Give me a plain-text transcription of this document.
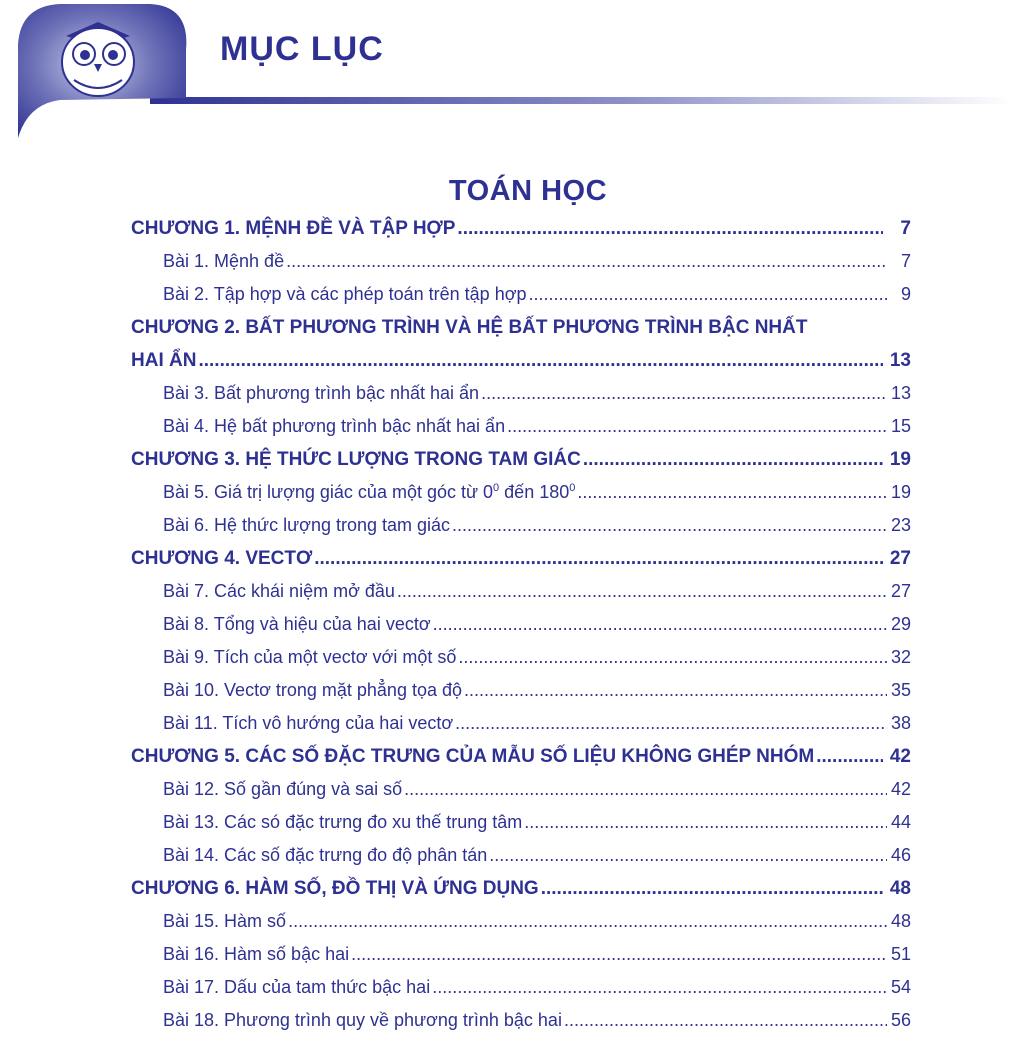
MỤC LỤC
TOÁN HỌC
CHƯƠNG 1. MỆNH ĐỀ VÀ TẬP HỢP .....	7
Bài 1. Mệnh đề .....	7
Bài 2. Tập hợp và các phép toán trên tập hợp .....	9
CHƯƠNG 2. BẤT PHƯƠNG TRÌNH VÀ HỆ BẤT PHƯƠNG TRÌNH BẬC NHẤT
HAI ẨN .....	13
Bài 3. Bất phương trình bậc nhất hai ẩn .....	13
Bài 4. Hệ bất phương trình bậc nhất hai ẩn .....	15
CHƯƠNG 3. HỆ THỨC LƯỢNG TRONG TAM GIÁC .....	19
Bài 5. Giá trị lượng giác của một góc từ $0^0$ đến $180^0$ .....	19
Bài 6. Hệ thức lượng trong tam giác .....	23
CHƯƠNG 4. VECTƠ .....	27
Bài 7. Các khái niệm mở đầu .....	27
Bài 8. Tổng và hiệu của hai vectơ .....	29
Bài 9. Tích của một vectơ với một số .....	32
Bài 10. Vectơ trong mặt phẳng tọa độ .....	35
Bài 11. Tích vô hướng của hai vectơ .....	38
CHƯƠNG 5. CÁC SỐ ĐẶC TRƯNG CỦA MẪU SỐ LIỆU KHÔNG GHÉP NHÓM .....	42
Bài 12. Số gần đúng và sai số .....	42
Bài 13. Các só đặc trưng đo xu thế trung tâm .....	44
Bài 14. Các số đặc trưng đo độ phân tán .....	46
CHƯƠNG 6. HÀM SỐ, ĐỒ THỊ VÀ ỨNG DỤNG .....	48
Bài 15. Hàm số .....	48
Bài 16. Hàm số bậc hai .....	51
Bài 17. Dấu của tam thức bậc hai .....	54
Bài 18. Phương trình quy về phương trình bậc hai .....	56
